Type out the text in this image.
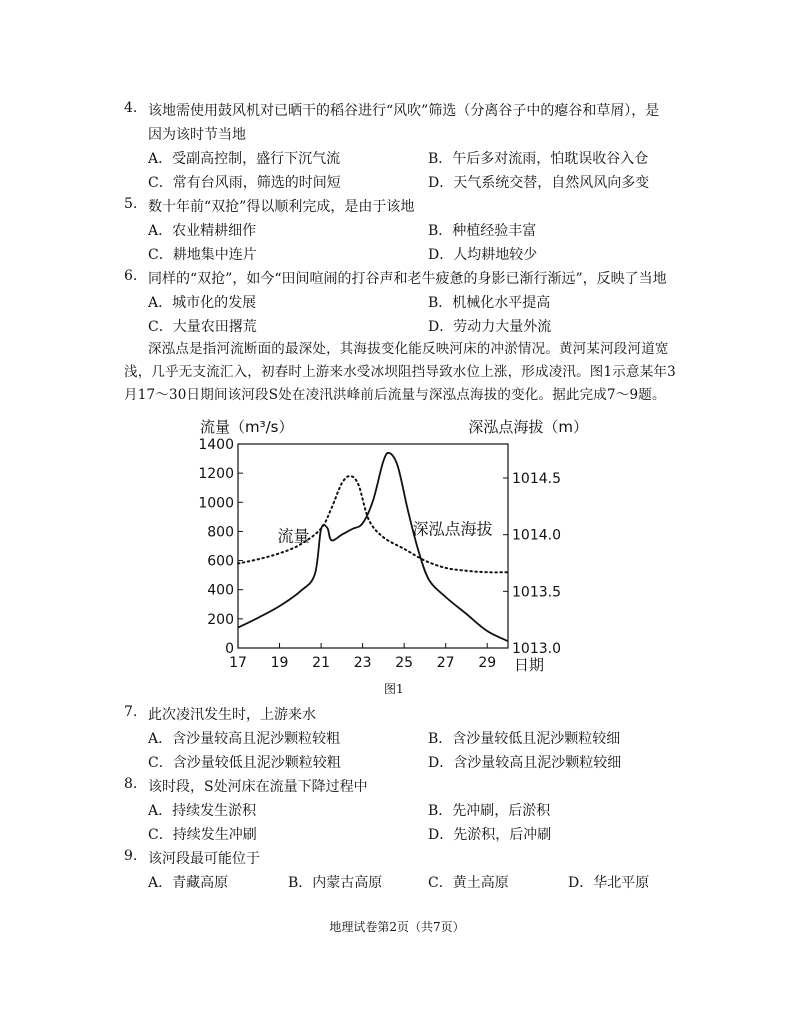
4. 该地需使用鼓风机对已晒干的稻谷进行“风吹”筛选（分离谷子中的瘪谷和草屑），是
因为该时节当地
A．受副高控制，盛行下沉气流	B．午后多对流雨，怕耽误收谷入仓
C．常有台风雨，筛选的时间短	D．天气系统交替，自然风风向多变
5. 数十年前“双抢”得以顺利完成，是由于该地
A．农业精耕细作	B．种植经验丰富
C．耕地集中连片	D．人均耕地较少
6. 同样的“双抢”，如今“田间喧闹的打谷声和老牛疲惫的身影已渐行渐远”，反映了当地
A．城市化的发展	B．机械化水平提高
C．大量农田撂荒	D．劳动力大量外流
深泓点是指河流断面的最深处，其海拔变化能反映河床的冲淤情况。黄河某河段河道宽浅，几乎无支流汇入，初春时上游来水受冰坝阻挡导致水位上涨，形成凌汛。图1示意某年3月17～30日期间该河段S处在凌汛洪峰前后流量与深泓点海拔的变化。据此完成7～9题。
0
200
400
600
800
1000
1200
1400
1013.0
1013.5
1014.0
1014.5
17 19 21 23 25 27 29
流量（m³/s）	深泓点海拔（m）
日期
流量	深泓点海拔
图1
7. 此次凌汛发生时，上游来水
A．含沙量较高且泥沙颗粒较粗	B．含沙量较低且泥沙颗粒较细
C．含沙量较低且泥沙颗粒较粗	D．含沙量较高且泥沙颗粒较细
8. 该时段，S处河床在流量下降过程中
A．持续发生淤积	B．先冲刷，后淤积
C．持续发生冲刷	D．先淤积，后冲刷
9. 该河段最可能位于
A．青藏高原	B．内蒙古高原	C．黄土高原	D．华北平原
地理试卷第2页（共7页）
